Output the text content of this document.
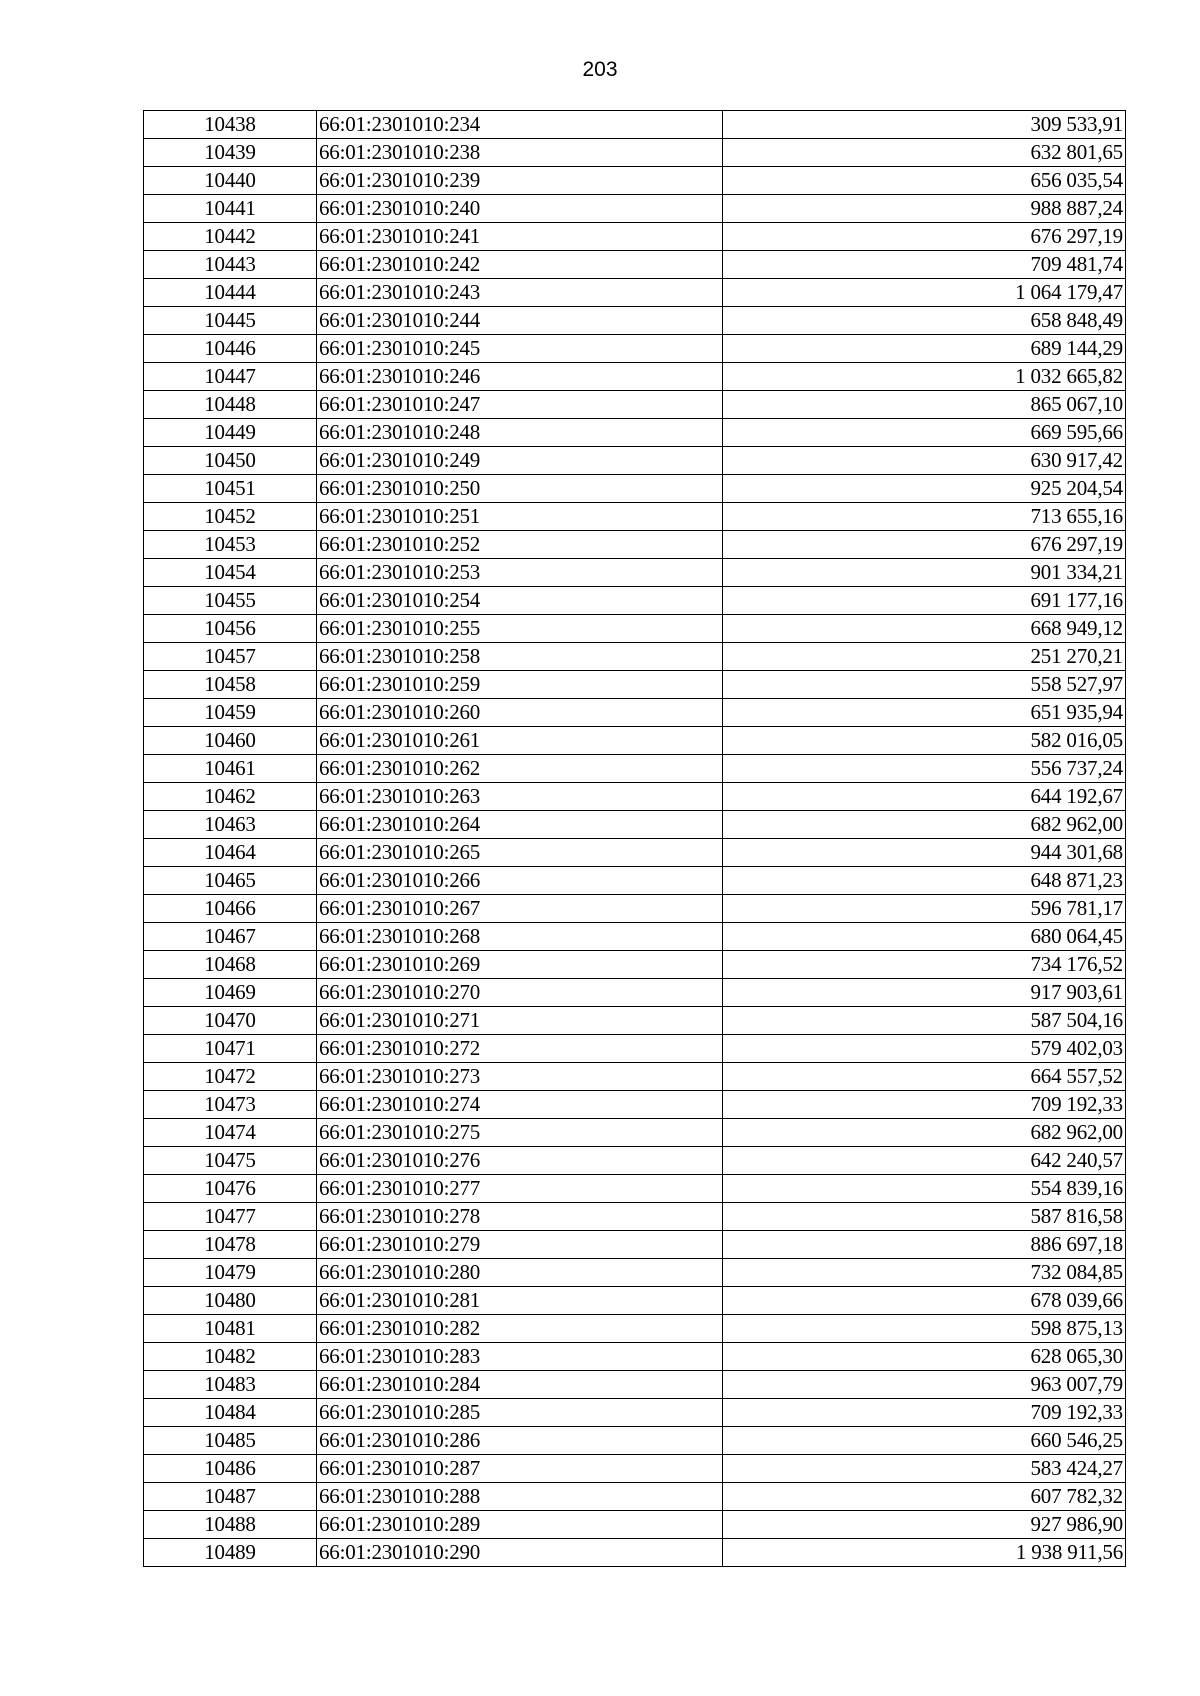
203
10438	66:01:2301010:234	309 533,91
10439	66:01:2301010:238	632 801,65
10440	66:01:2301010:239	656 035,54
10441	66:01:2301010:240	988 887,24
10442	66:01:2301010:241	676 297,19
10443	66:01:2301010:242	709 481,74
10444	66:01:2301010:243	1 064 179,47
10445	66:01:2301010:244	658 848,49
10446	66:01:2301010:245	689 144,29
10447	66:01:2301010:246	1 032 665,82
10448	66:01:2301010:247	865 067,10
10449	66:01:2301010:248	669 595,66
10450	66:01:2301010:249	630 917,42
10451	66:01:2301010:250	925 204,54
10452	66:01:2301010:251	713 655,16
10453	66:01:2301010:252	676 297,19
10454	66:01:2301010:253	901 334,21
10455	66:01:2301010:254	691 177,16
10456	66:01:2301010:255	668 949,12
10457	66:01:2301010:258	251 270,21
10458	66:01:2301010:259	558 527,97
10459	66:01:2301010:260	651 935,94
10460	66:01:2301010:261	582 016,05
10461	66:01:2301010:262	556 737,24
10462	66:01:2301010:263	644 192,67
10463	66:01:2301010:264	682 962,00
10464	66:01:2301010:265	944 301,68
10465	66:01:2301010:266	648 871,23
10466	66:01:2301010:267	596 781,17
10467	66:01:2301010:268	680 064,45
10468	66:01:2301010:269	734 176,52
10469	66:01:2301010:270	917 903,61
10470	66:01:2301010:271	587 504,16
10471	66:01:2301010:272	579 402,03
10472	66:01:2301010:273	664 557,52
10473	66:01:2301010:274	709 192,33
10474	66:01:2301010:275	682 962,00
10475	66:01:2301010:276	642 240,57
10476	66:01:2301010:277	554 839,16
10477	66:01:2301010:278	587 816,58
10478	66:01:2301010:279	886 697,18
10479	66:01:2301010:280	732 084,85
10480	66:01:2301010:281	678 039,66
10481	66:01:2301010:282	598 875,13
10482	66:01:2301010:283	628 065,30
10483	66:01:2301010:284	963 007,79
10484	66:01:2301010:285	709 192,33
10485	66:01:2301010:286	660 546,25
10486	66:01:2301010:287	583 424,27
10487	66:01:2301010:288	607 782,32
10488	66:01:2301010:289	927 986,90
10489	66:01:2301010:290	1 938 911,56
